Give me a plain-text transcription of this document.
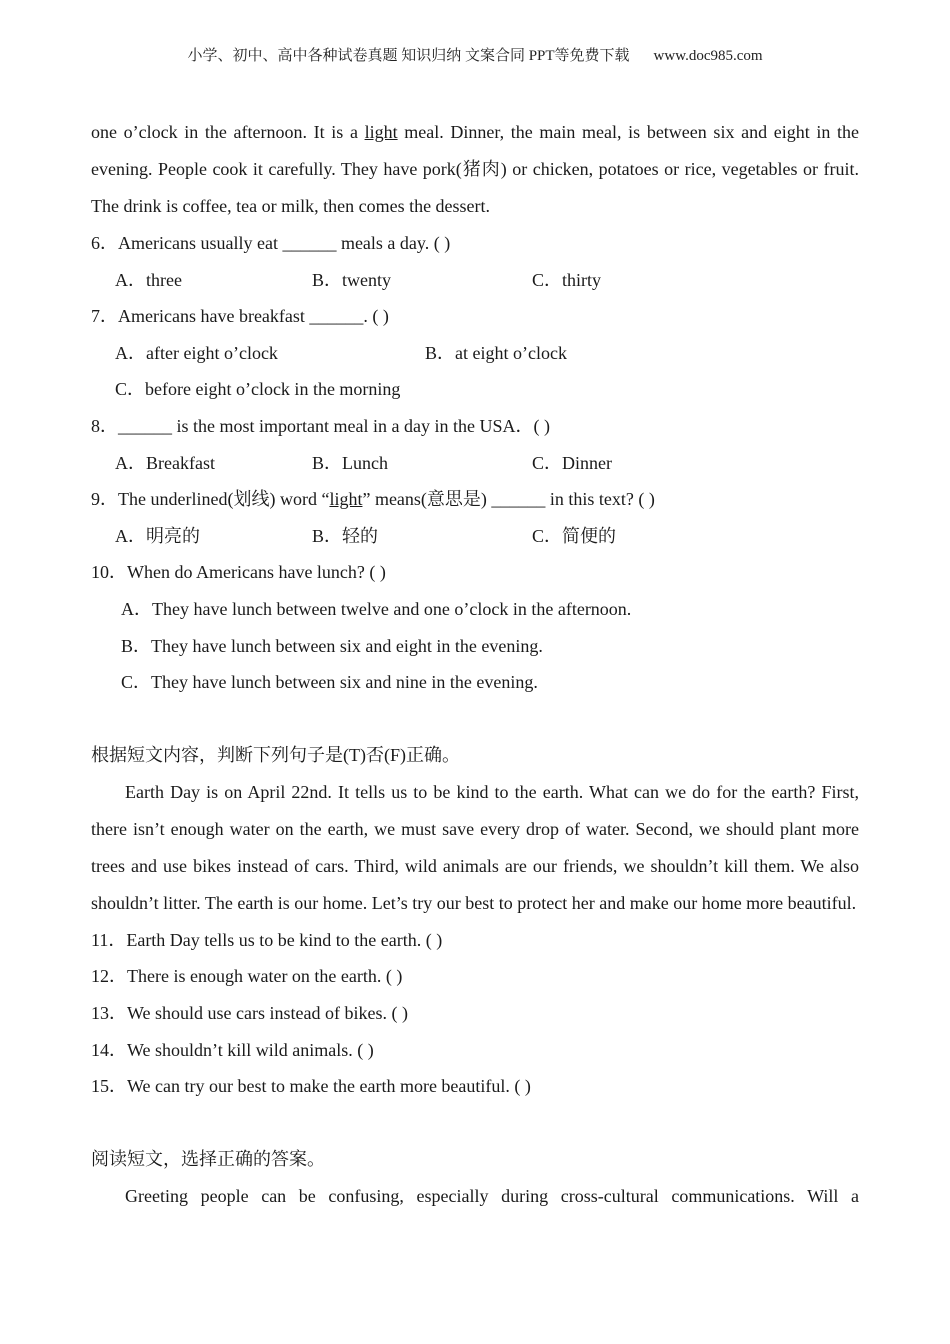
小学、初中、高中各种试卷真题 知识归纳 文案合同 PPT等免费下载 www.doc985.com

one o’clock in the afternoon. It is a light meal. Dinner, the main meal, is between six and eight in the evening. People cook it carefully. They have pork(猪肉) or chicken, potatoes or rice, vegetables or fruit. The drink is coffee, tea or milk, then comes the dessert.

6．Americans usually eat ______ meals a day. ( )

A．three	B．twenty	C．thirty

7．Americans have breakfast ______. ( )

A．after eight o’clock	B．at eight o’clock
C．before eight o’clock in the morning

8．______ is the most important meal in a day in the USA．( )

A．Breakfast	B．Lunch	C．Dinner

9．The underlined(划线) word “light” means(意思是) ______ in this text? ( )

A．明亮的	B．轻的	C．简便的

10．When do Americans have lunch? ( )

A．They have lunch between twelve and one o’clock in the afternoon.
B．They have lunch between six and eight in the evening.
C．They have lunch between six and nine in the evening.

根据短文内容，判断下列句子是(T)否(F)正确。

Earth Day is on April 22nd. It tells us to be kind to the earth. What can we do for the earth? First, there isn’t enough water on the earth, we must save every drop of water. Second, we should plant more trees and use bikes instead of cars. Third, wild animals are our friends, we shouldn’t kill them. We also shouldn’t litter. The earth is our home. Let’s try our best to protect her and make our home more beautiful.

11．Earth Day tells us to be kind to the earth. ( )

12．There is enough water on the earth. ( )

13．We should use cars instead of bikes. ( )

14．We shouldn’t kill wild animals. ( )

15．We can try our best to make the earth more beautiful. ( )

阅读短文，选择正确的答案。

Greeting people can be confusing, especially during cross-cultural communications. Will a
